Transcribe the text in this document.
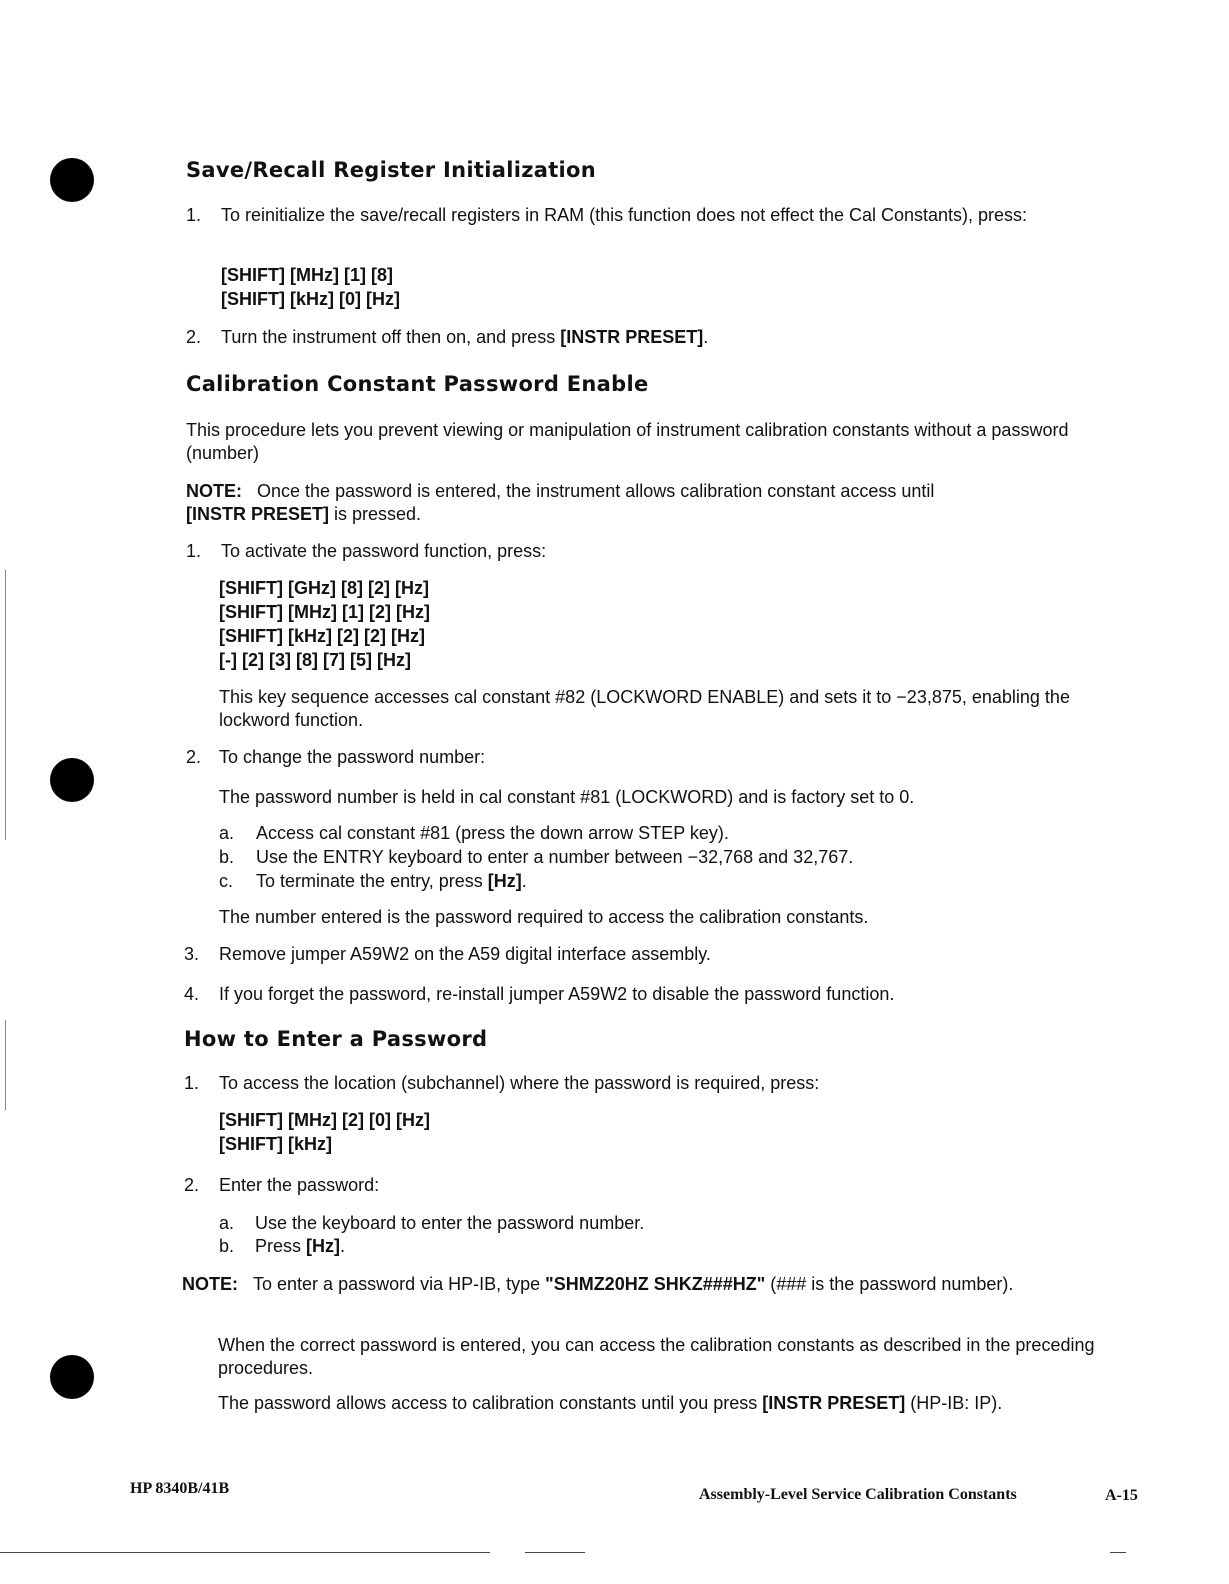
Save/Recall Register Initialization
1. To reinitialize the save/recall registers in RAM (this function does not effect the Cal Constants), press:

[SHIFT] [MHz] [1] [8]

[SHIFT] [kHz] [0] [Hz]

2. Turn the instrument off then on, and press [INSTR PRESET].

Calibration Constant Password Enable

This procedure lets you prevent viewing or manipulation of instrument calibration constants without a password (number)

NOTE: Once the password is entered, the instrument allows calibration constant access until
[INSTR PRESET] is pressed.

1. To activate the password function, press:

[SHIFT] [GHz] [8] [2] [Hz]

[SHIFT] [MHz] [1] [2] [Hz]

[SHIFT] [kHz] [2] [2] [Hz]

[-] [2] [3] [8] [7] [5] [Hz]

This key sequence accesses cal constant #82 (LOCKWORD ENABLE) and sets it to −23,875, enabling the lockword function.

2. To change the password number:

The password number is held in cal constant #81 (LOCKWORD) and is factory set to 0.

a. Access cal constant #81 (press the down arrow STEP key).

b. Use the ENTRY keyboard to enter a number between −32,768 and 32,767.

c. To terminate the entry, press [Hz].

The number entered is the password required to access the calibration constants.

3. Remove jumper A59W2 on the A59 digital interface assembly.

4. If you forget the password, re-install jumper A59W2 to disable the password function.

How to Enter a Password
1. To access the location (subchannel) where the password is required, press:

[SHIFT] [MHz] [2] [0] [Hz]

[SHIFT] [kHz]

2. Enter the password:

a. Use the keyboard to enter the password number.

b. Press [Hz].

NOTE: To enter a password via HP-IB, type "SHMZ20HZ SHKZ###HZ" (### is the password number).

When the correct password is entered, you can access the calibration constants as described in the preceding procedures.

The password allows access to calibration constants until you press [INSTR PRESET] (HP-IB: IP).

HP 8340B/41B	Assembly-Level Service Calibration Constants	A-15
